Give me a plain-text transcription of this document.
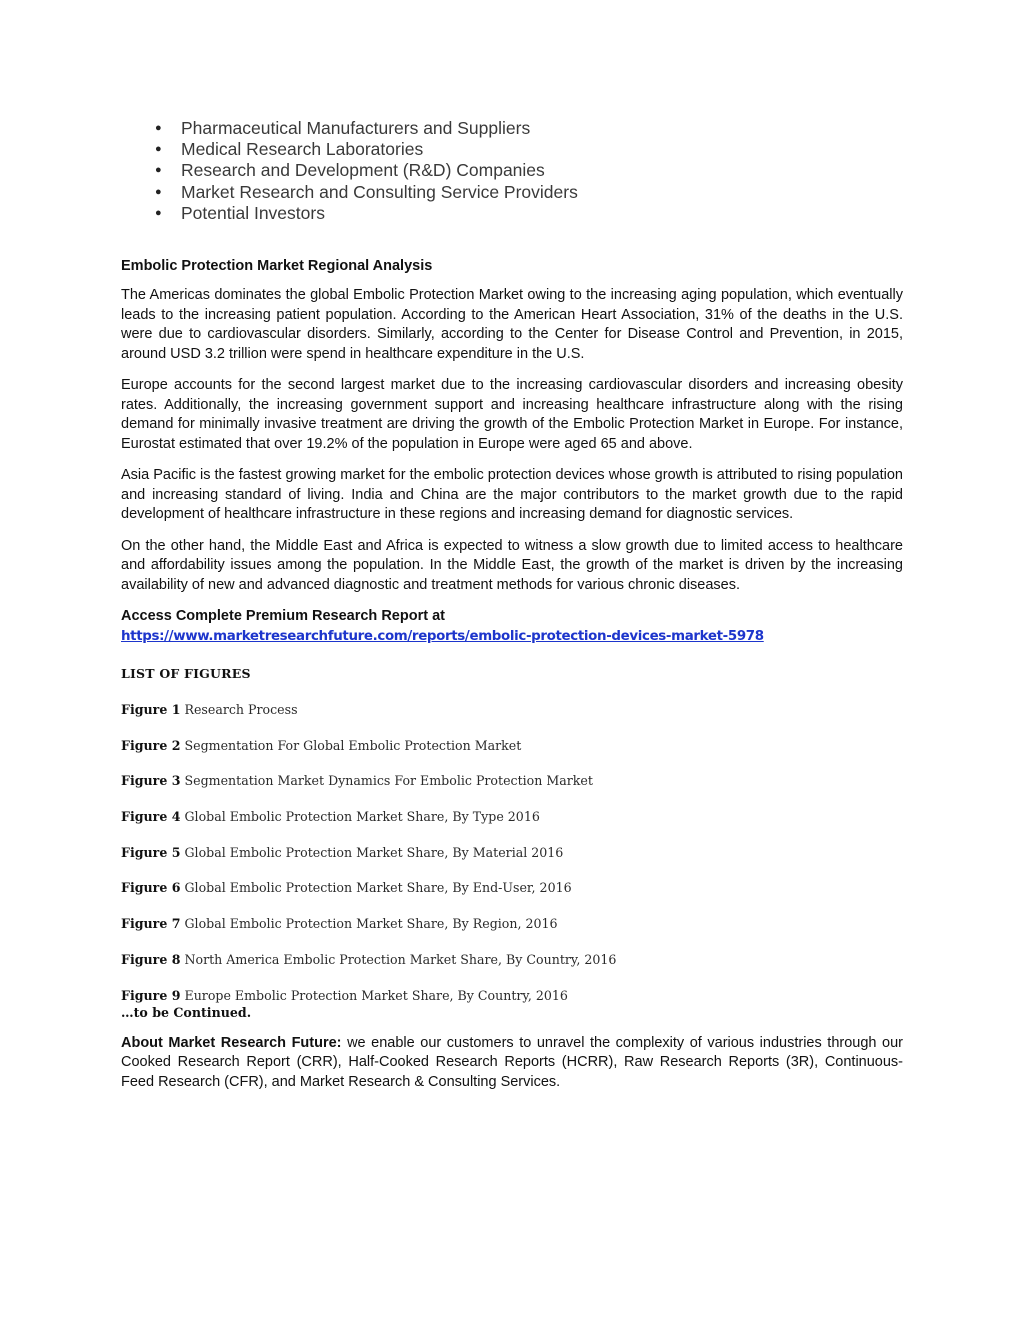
● Pharmaceutical Manufacturers and Suppliers
● Medical Research Laboratories
● Research and Development (R&D) Companies
● Market Research and Consulting Service Providers
● Potential Investors
Embolic Protection Market Regional Analysis

The Americas dominates the global Embolic Protection Market owing to the increasing aging population, which eventually leads to the increasing patient population. According to the American Heart Association, 31% of the deaths in the U.S. were due to cardiovascular disorders. Similarly, according to the Center for Disease Control and Prevention, in 2015, around USD 3.2 trillion were spend in healthcare expenditure in the U.S.

Europe accounts for the second largest market due to the increasing cardiovascular disorders and increasing obesity rates. Additionally, the increasing government support and increasing healthcare infrastructure along with the rising demand for minimally invasive treatment are driving the growth of the Embolic Protection Market in Europe. For instance, Eurostat estimated that over 19.2% of the population in Europe were aged 65 and above.

Asia Pacific is the fastest growing market for the embolic protection devices whose growth is attributed to rising population and increasing standard of living. India and China are the major contributors to the market growth due to the rapid development of healthcare infrastructure in these regions and increasing demand for diagnostic services.

On the other hand, the Middle East and Africa is expected to witness a slow growth due to limited access to healthcare and affordability issues among the population. In the Middle East, the growth of the market is driven by the increasing availability of new and advanced diagnostic and treatment methods for various chronic diseases.

Access Complete Premium Research Report at
https://www.marketresearchfuture.com/reports/embolic-protection-devices-market-5978
LIST OF FIGURES
Figure 1 Research Process
Figure 2 Segmentation For Global Embolic Protection Market
Figure 3 Segmentation Market Dynamics For Embolic Protection Market
Figure 4 Global Embolic Protection Market Share, By Type 2016
Figure 5 Global Embolic Protection Market Share, By Material 2016
Figure 6 Global Embolic Protection Market Share, By End-User, 2016
Figure 7 Global Embolic Protection Market Share, By Region, 2016
Figure 8 North America Embolic Protection Market Share, By Country, 2016
Figure 9 Europe Embolic Protection Market Share, By Country, 2016
…to be Continued.

About Market Research Future: we enable our customers to unravel the complexity of various industries through our Cooked Research Report (CRR), Half-Cooked Research Reports (HCRR), Raw Research Reports (3R), Continuous-Feed Research (CFR), and Market Research & Consulting Services.
